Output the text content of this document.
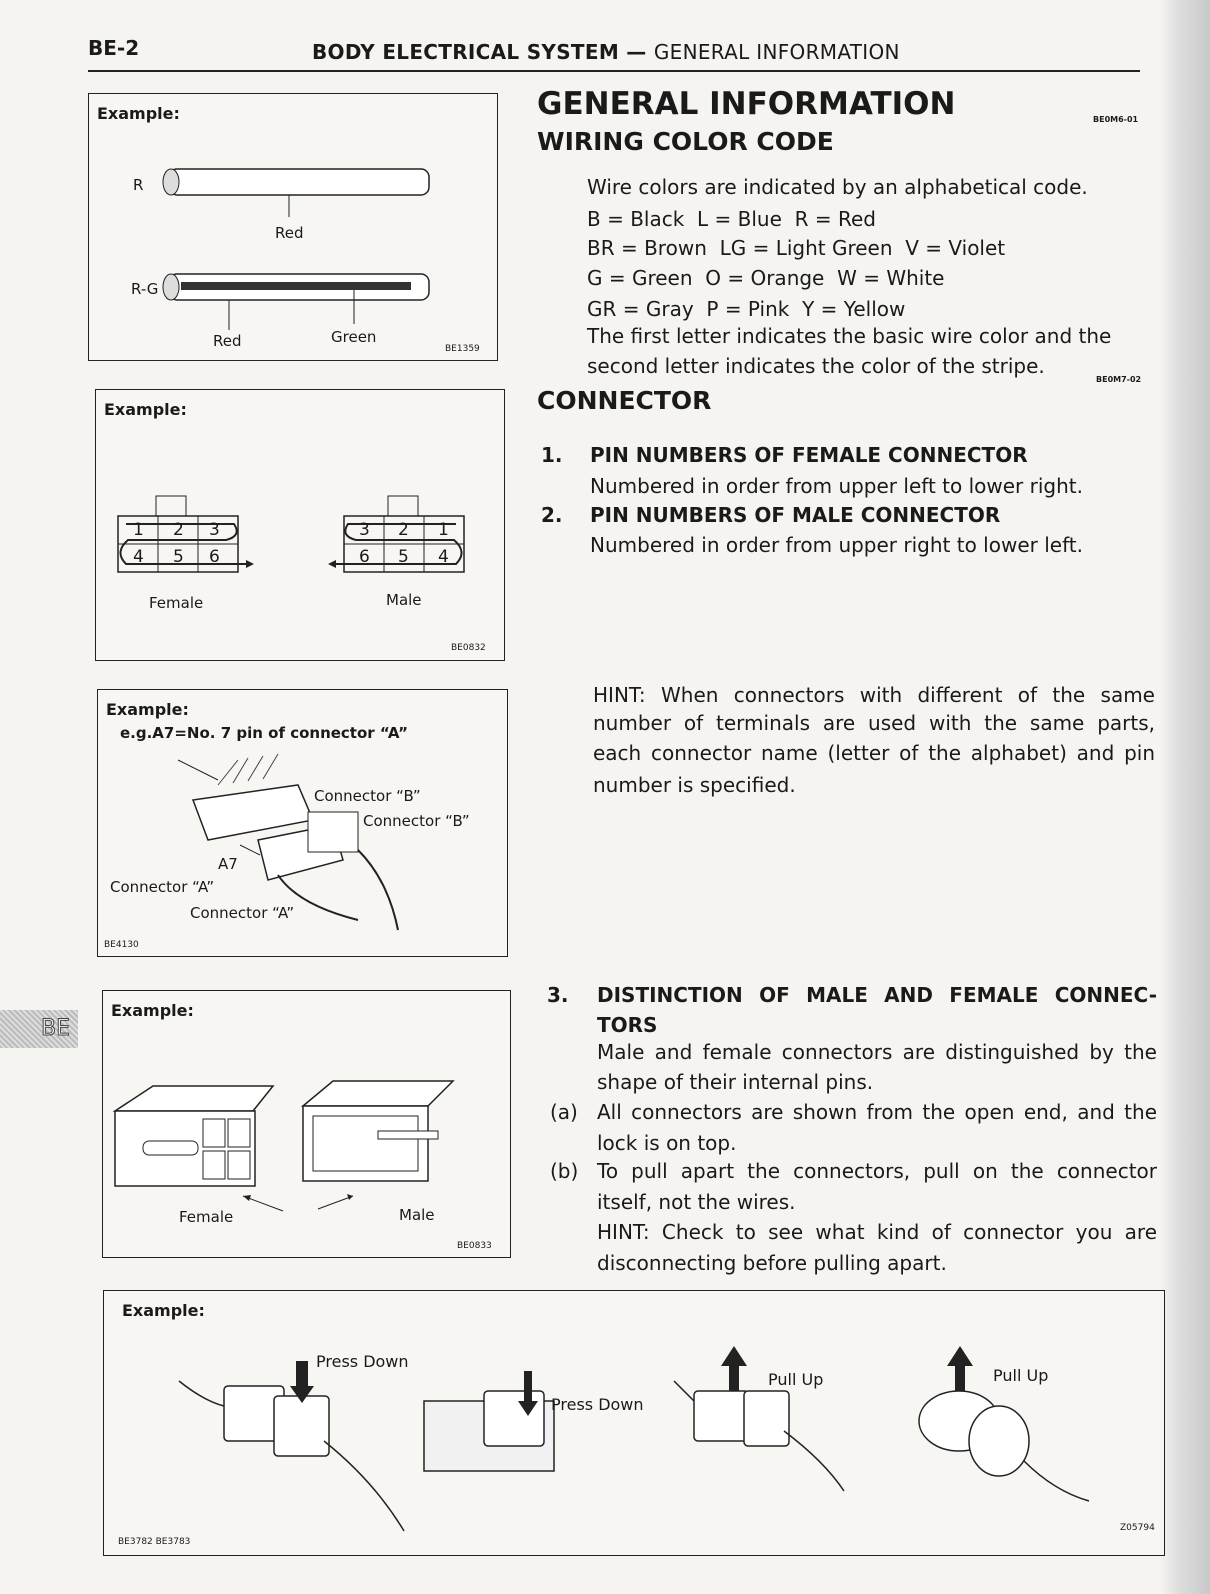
BE-2	BODY ELECTRICAL SYSTEM — GENERAL INFORMATION
BE
GENERAL INFORMATION	BE0M6-01
WIRING COLOR CODE
Wire colors are indicated by an alphabetical code.
B = Black  L = Blue  R = Red
BR = Brown  LG = Light Green  V = Violet
G = Green  O = Orange  W = White
GR = Gray  P = Pink  Y = Yellow
The first letter indicates the basic wire color and the
second letter indicates the color of the stripe.
BE0M7-02
CONNECTOR
1. PIN NUMBERS OF FEMALE CONNECTOR
Numbered in order from upper left to lower right.
2. PIN NUMBERS OF MALE CONNECTOR
Numbered in order from upper right to lower left.
HINT: When connectors with different of the same
number of terminals are used with the same parts,
each connector name (letter of the alphabet) and pin
number is specified.
3. DISTINCTION OF MALE AND FEMALE CONNEC-
TORS
Male and female connectors are distinguished by the
shape of their internal pins.
(a) All connectors are shown from the open end, and the
lock is on top.
(b) To pull apart the connectors, pull on the connector
itself, not the wires.
HINT: Check to see what kind of connector you are
disconnecting before pulling apart.
Example:
R
Red
R-G
Red	Green
BE1359
Example:
1 2 3
4 5 6
3 2 1
6 5 4
Female	Male
BE0832
Example:
e.g.A7=No. 7 pin of connector “A”
Connector “B”
Connector “B”
A7
Connector “A”
Connector “A”
BE4130
Example:
Female	Male
BE0833
Example:
Press Down
Press Down
Pull Up	Pull Up
BE3782 BE3783
Z05794
